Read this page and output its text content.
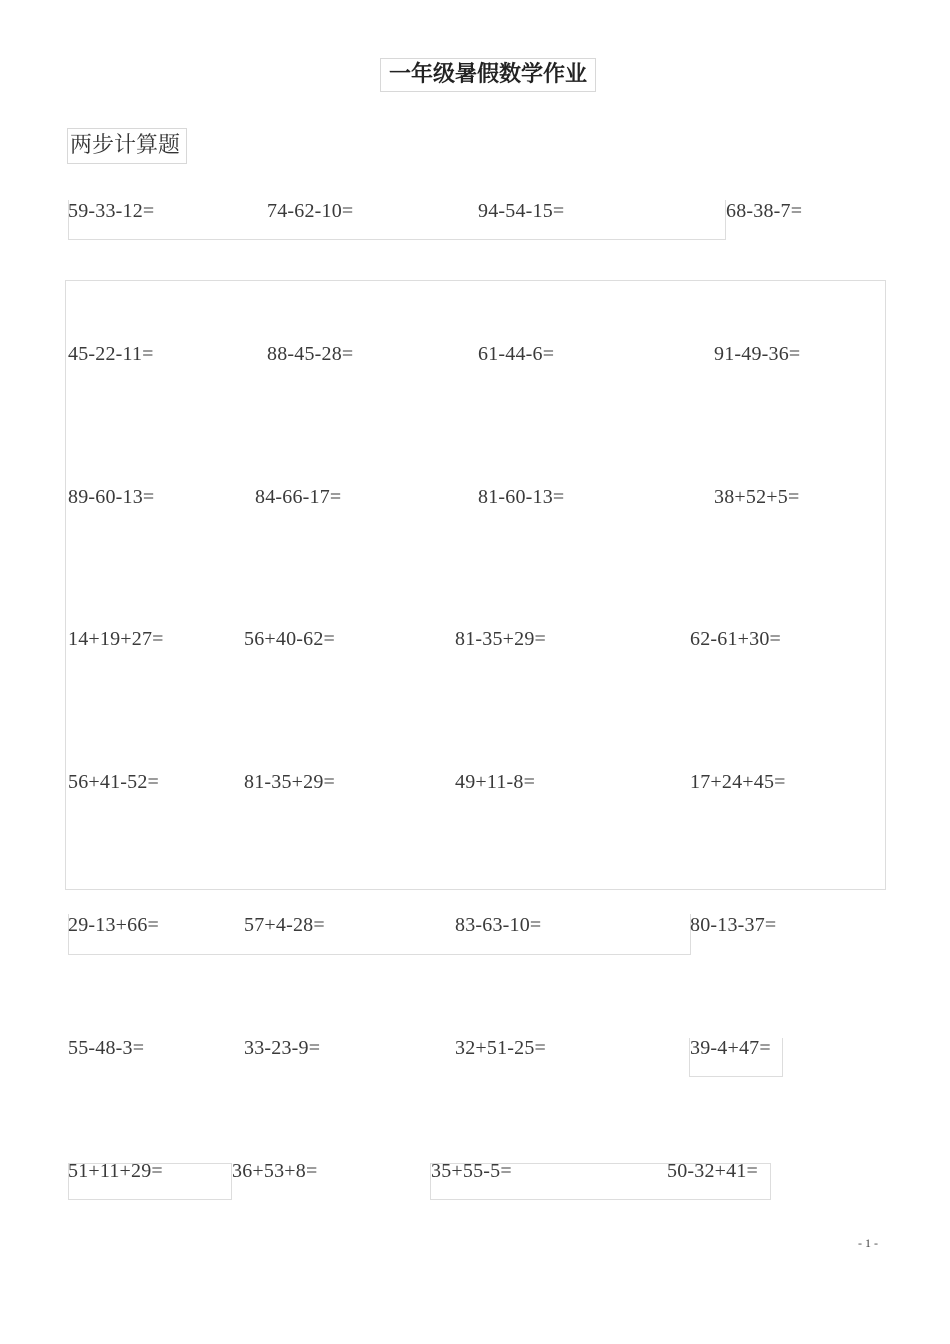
一年级暑假数学作业
两步计算题
59-33-12=	74-62-10=	94-54-15=	68-38-7=
45-22-11=	88-45-28=	61-44-6=	91-49-36=
89-60-13=	84-66-17=	81-60-13=	38+52+5=
14+19+27=	56+40-62=	81-35+29=	62-61+30=
56+41-52=	81-35+29=	49+11-8=	17+24+45=
29-13+66=	57+4-28=	83-63-10=	80-13-37=
55-48-3=	33-23-9=	32+51-25=	39-4+47=
51+11+29=	36+53+8=	35+55-5=	50-32+41=
- 1 -
